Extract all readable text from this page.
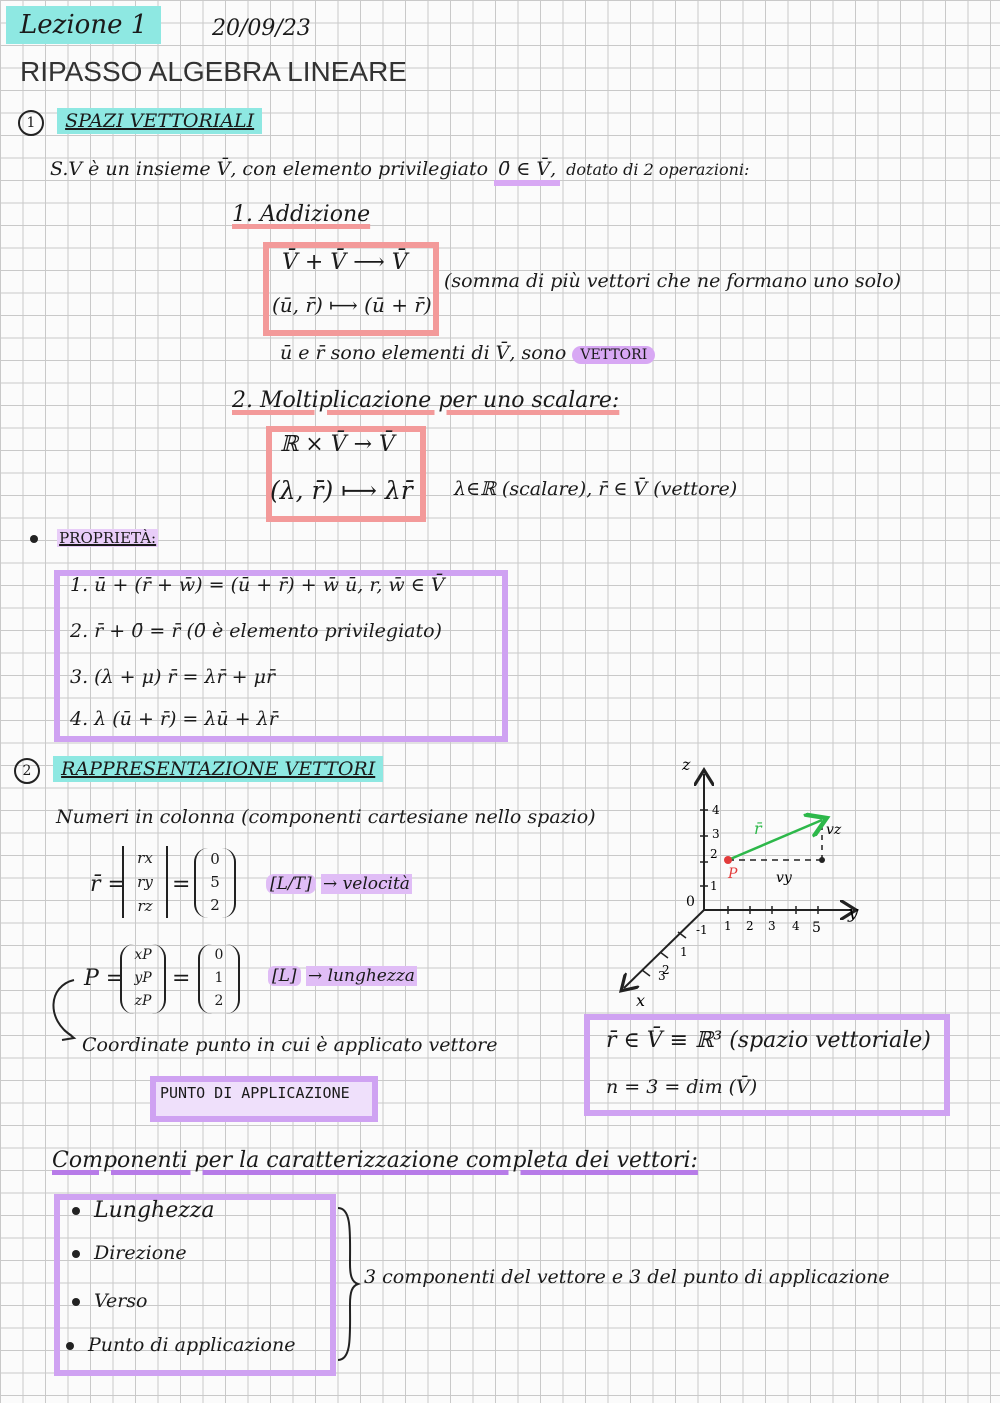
Lezione 1	20/09/23
RIPASSO ALGEBRA LINEARE
1 SPAZI VETTORIALI
S.V è un insieme V̄, con elemento privilegiato 0̄ ∈ V̄, dotato di 2 operazioni:
1. Addizione
V̄ + V̄ ⟶ V̄
(ū, r̄) ⟼ (ū + r̄)
(somma di più vettori che ne formano uno solo)
ū e r̄ sono elementi di V̄, sono VETTORI
2. Moltiplicazione per uno scalare:
ℝ × V̄ → V̄
(λ, r̄) ⟼ λr̄ λ∈ℝ (scalare), r̄ ∈ V̄ (vettore)
PROPRIETÀ:
1. ū + (r̄ + w̄) = (ū + r̄) + w̄ ū, r, w̄ ∈ V̄
2. r̄ + 0̄ = r̄ (0̄ è elemento privilegiato)
3. (λ + μ) r̄ = λr̄ + μr̄
4. λ (ū + r̄) = λū + λr̄
2 RAPPRESENTAZIONE VETTORI
Numeri in colonna (componenti cartesiane nello spazio)
r̄ =
rx
ry
rz
=
0
5
2
[L/T] → velocità
P =
xP
yP
zP
=
0
1
2
[L] → lunghezza
Coordinate punto in cui è applicato vettore
PUNTO DI APPLICAZIONE
z
y
x
0
r̄
P
vz
vy
1
2
3
4
-1 1 2 3 4 5
1
2
3
r̄ ∈ V̄ ≡ ℝ³ (spazio vettoriale)
n = 3 = dim (V̄)
Componenti per la caratterizzazione completa dei vettori:
Lunghezza
Direzione
Verso
Punto di applicazione
3 componenti del vettore e 3 del punto di applicazione
